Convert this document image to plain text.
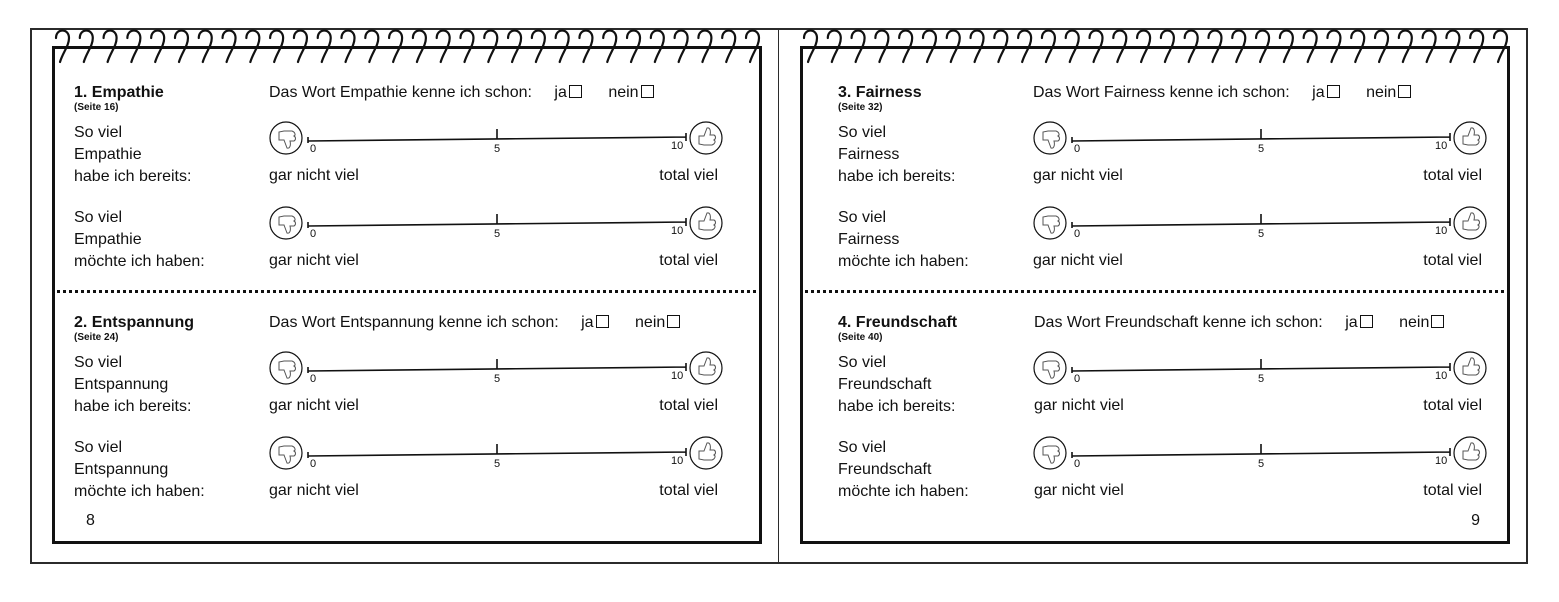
1. Empathie
(Seite 16)
Das Wort Empathie kenne ich schon: ja	nein
So viel
Empathie
habe ich bereits:
0	5	10
gar nicht viel	total viel
So viel
Empathie
möchte ich haben:
0	5	10
gar nicht viel	total viel
2. Entspannung
(Seite 24)
Das Wort Entspannung kenne ich schon: ja	nein
So viel
Entspannung
habe ich bereits:
0	5	10
gar nicht viel	total viel
So viel
Entspannung
möchte ich haben:
0	5	10
gar nicht viel	total viel
8
3. Fairness
(Seite 32)
Das Wort Fairness kenne ich schon: ja	nein
So viel
Fairness
habe ich bereits:
0	5	10
gar nicht viel	total viel
So viel
Fairness
möchte ich haben:
0	5	10
gar nicht viel	total viel
4. Freundschaft
(Seite 40)
Das Wort Freundschaft kenne ich schon: ja	nein
So viel
Freundschaft
habe ich bereits:
0	5	10
gar nicht viel	total viel
So viel
Freundschaft
möchte ich haben:
0	5	10
gar nicht viel	total viel
9
